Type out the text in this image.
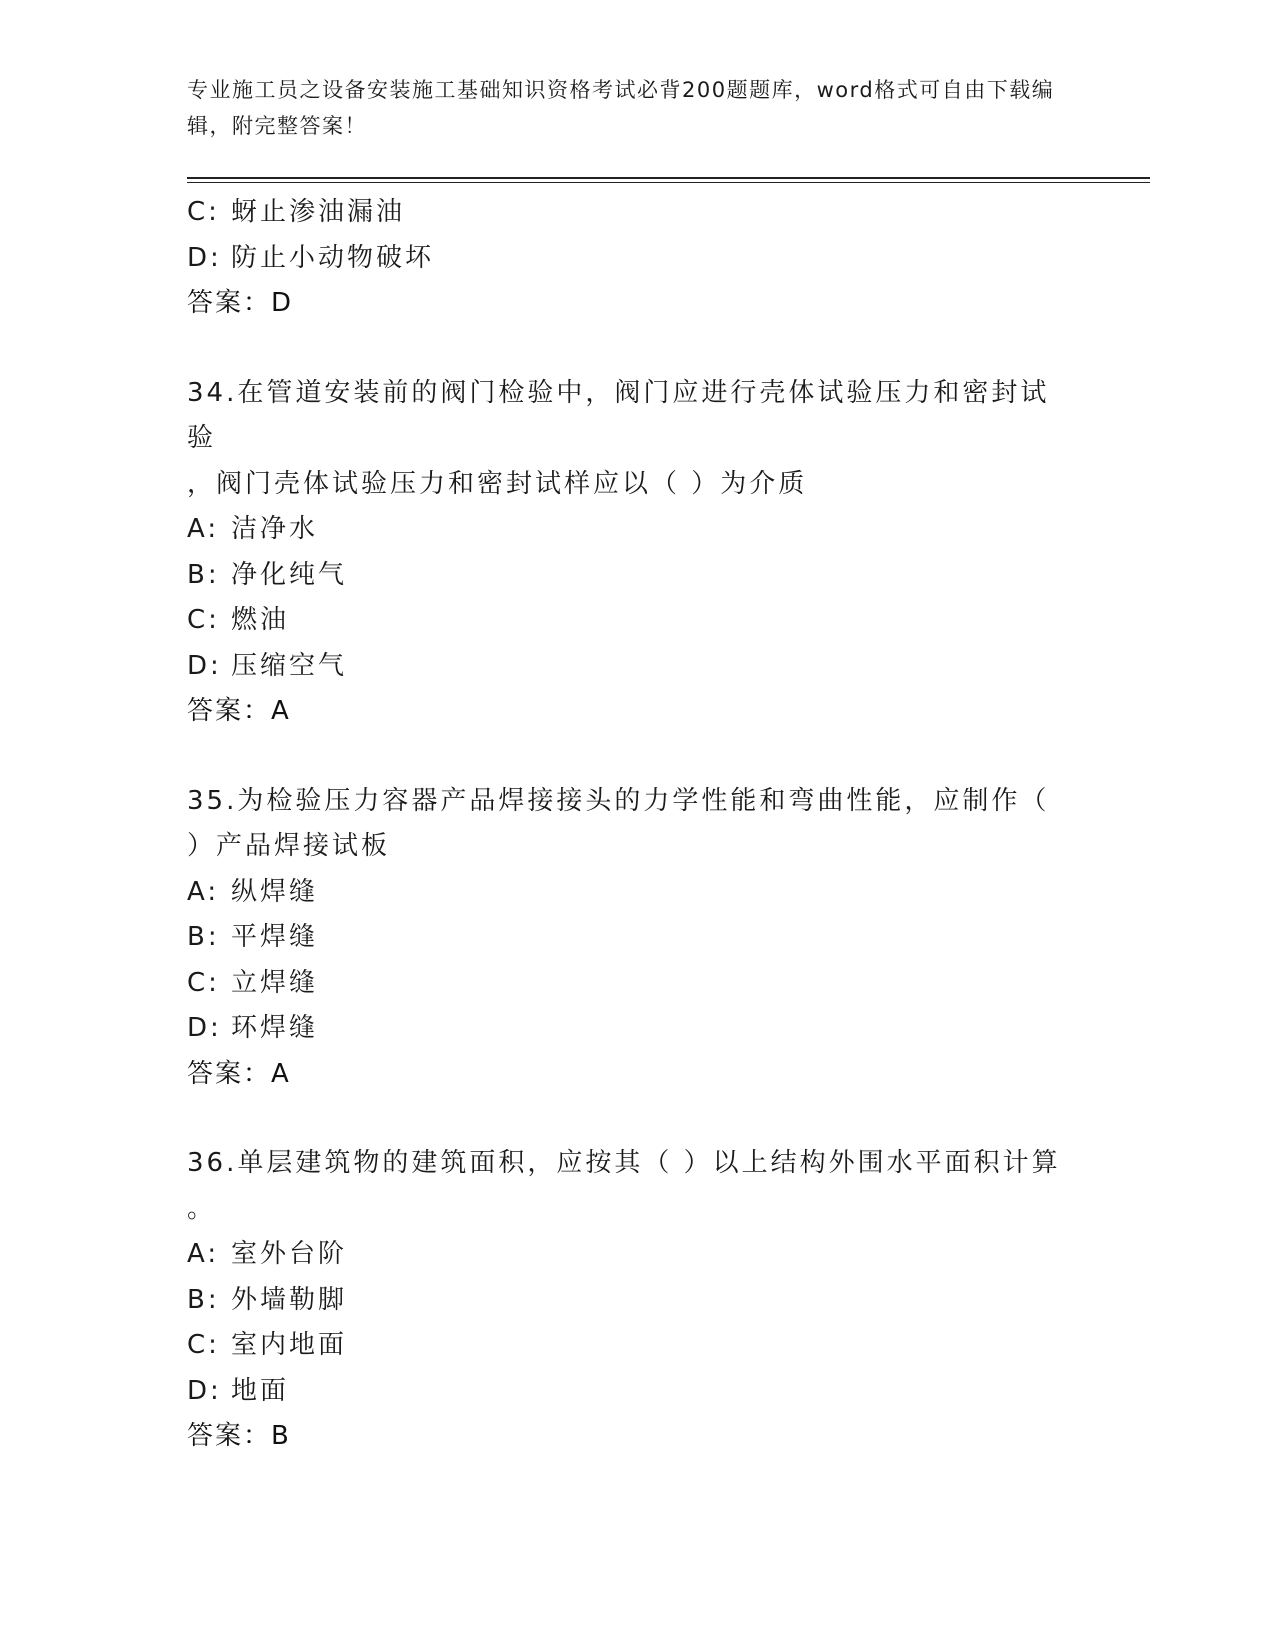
专业施工员之设备安装施工基础知识资格考试必背200题题库，word格式可自由下载编辑，附完整答案！
C: 蚜止渗油漏油
D: 防止小动物破坏
答案：D
34.在管道安装前的阀门检验中，阀门应进行壳体试验压力和密封试验
，阀门壳体试验压力和密封试样应以（ ）为介质
A: 洁净水
B: 净化纯气
C: 燃油
D: 压缩空气
答案：A
35.为检验压力容器产品焊接接头的力学性能和弯曲性能，应制作（
）产品焊接试板
A: 纵焊缝
B: 平焊缝
C: 立焊缝
D: 环焊缝
答案：A
36.单层建筑物的建筑面积，应按其（ ）以上结构外围水平面积计算
。
A: 室外台阶
B: 外墙勒脚
C: 室内地面
D: 地面
答案：B
